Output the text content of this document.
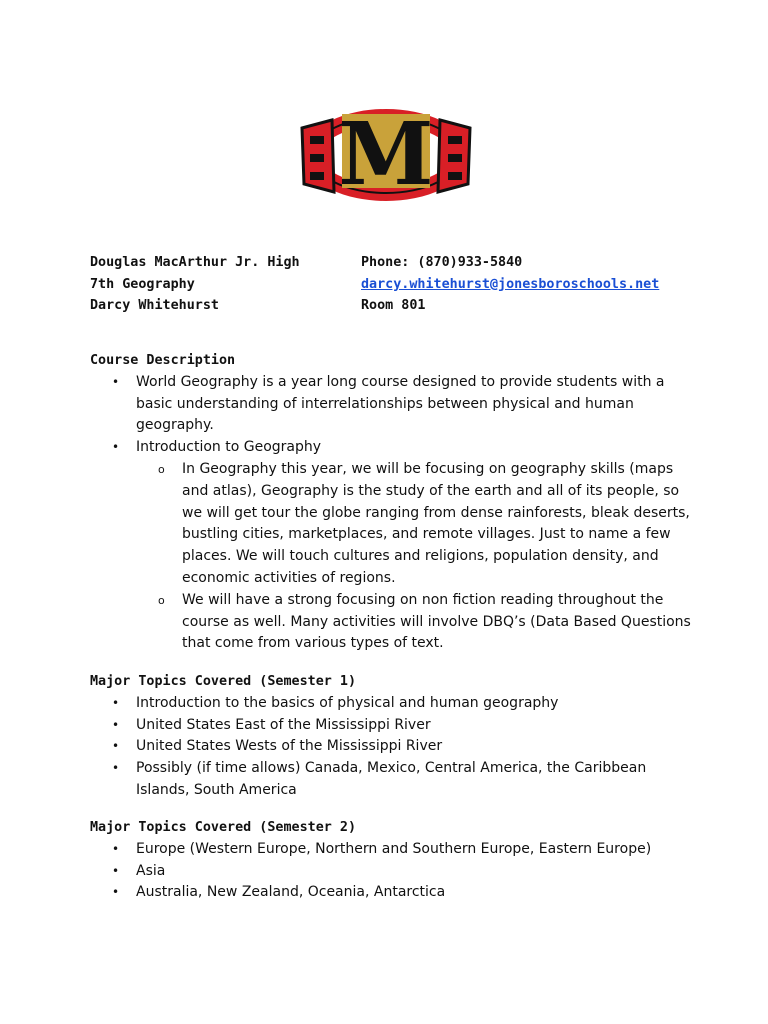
M
Douglas MacArthur Jr. High
7th Geography
Darcy Whitehurst
Phone: (870)933-5840
darcy.whitehurst@jonesboroschools.net
Room 801
Course Description
• World Geography is a year long course designed to provide students with a basic understanding of interrelationships between physical and human geography.
• Introduction to Geography
o In Geography this year, we will be focusing on geography skills (maps and atlas), Geography is the study of the earth and all of its people, so we will get tour the globe ranging from dense rainforests, bleak deserts, bustling cities, marketplaces, and remote villages. Just to name a few places. We will touch cultures and religions, population density, and economic activities of regions.
o We will have a strong focusing on non fiction reading throughout the course as well. Many activities will involve DBQ’s (Data Based Questions that come from various types of text.
Major Topics Covered (Semester 1)
• Introduction to the basics of physical and human geography
• United States East of the Mississippi River
• United States Wests of the Mississippi River
• Possibly (if time allows) Canada, Mexico, Central America, the Caribbean Islands, South America
Major Topics Covered (Semester 2)
• Europe (Western Europe, Northern and Southern Europe, Eastern Europe)
• Asia
• Australia, New Zealand, Oceania, Antarctica
